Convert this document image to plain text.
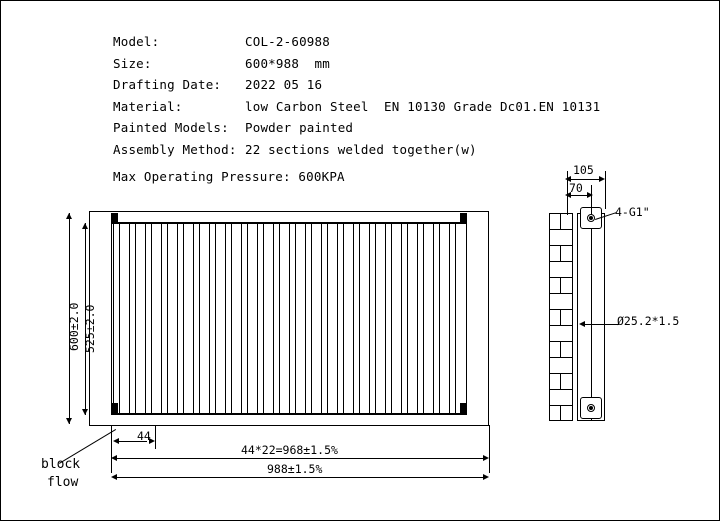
Model:	COL-2-60988
Size:	600*988  mm
Drafting Date:	2022 05 16
Material:	low Carbon Steel  EN 10130 Grade Dc01.EN 10131
Painted Models:	Powder painted
Assembly Method: 22 sections welded together(w)
Max Operating Pressure: 600KPA
600±2.0 525±2.0
44
44*22=968±1.5%
988±1.5%
block
flow
105
70
4-G1"
Ø25.2*1.5
